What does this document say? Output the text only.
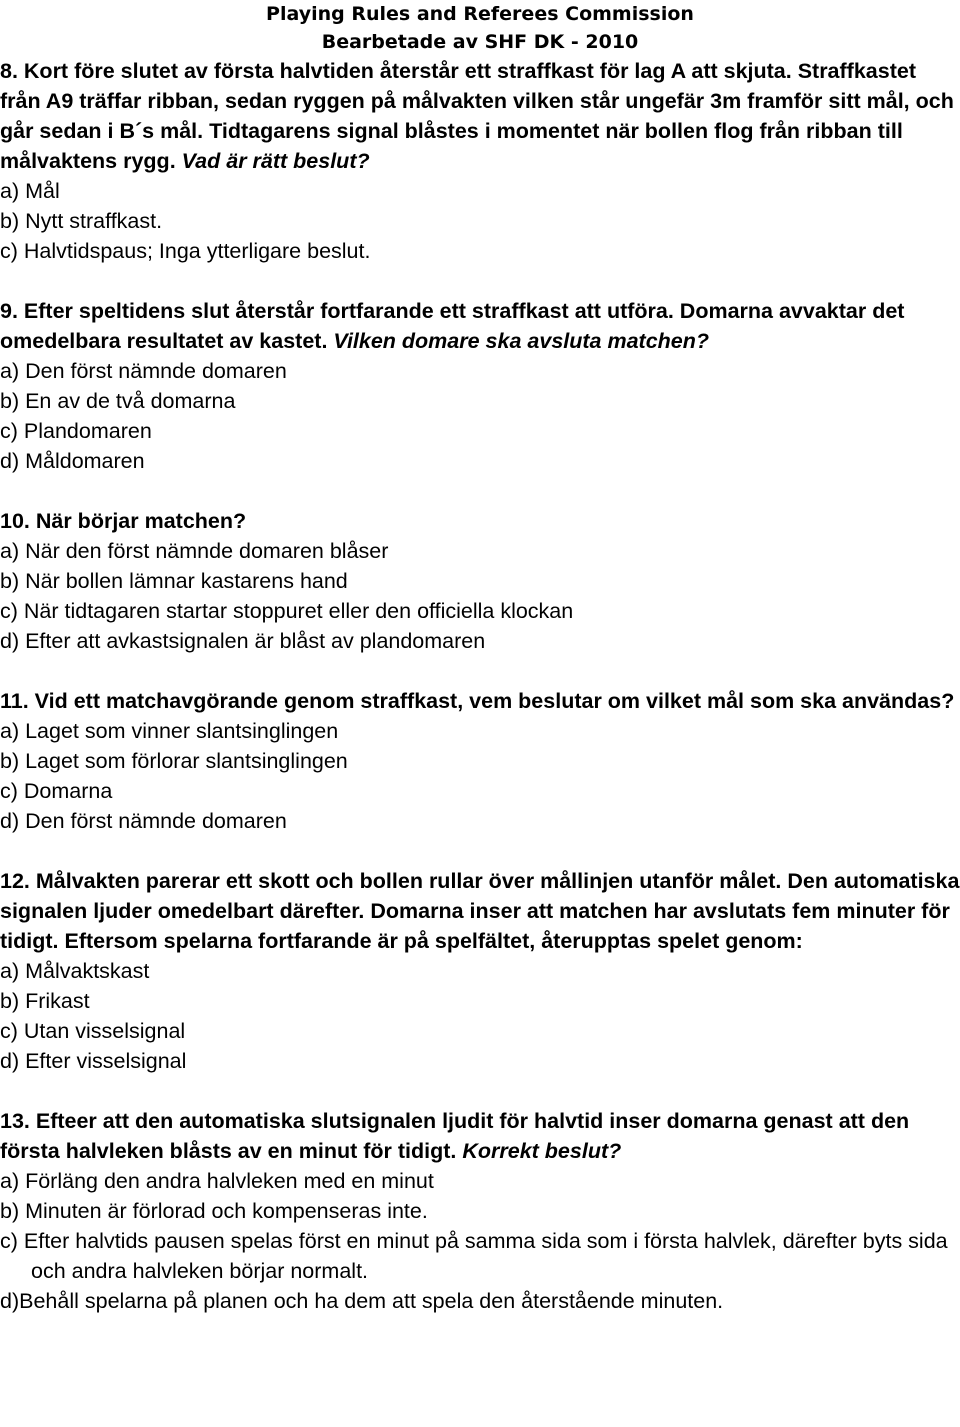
Playing Rules and Referees Commission
Bearbetade av SHF DK - 2010
8. Kort före slutet av första halvtiden återstår ett straffkast för lag A att skjuta. Straffkastet från A9 träffar ribban, sedan ryggen på målvakten vilken står ungefär 3m framför sitt mål, och går sedan i B´s mål. Tidtagarens signal blåstes i momentet när bollen flog från ribban till målvaktens rygg. Vad är rätt beslut?
a) Mål
b) Nytt straffkast.
c) Halvtidspaus; Inga ytterligare beslut.
9. Efter speltidens slut återstår fortfarande ett straffkast att utföra. Domarna avvaktar det omedelbara resultatet av kastet. Vilken domare ska avsluta matchen?
a) Den först nämnde domaren
b) En av de två domarna
c) Plandomaren
d) Måldomaren
10. När börjar matchen?
a) När den först nämnde domaren blåser
b) När bollen lämnar kastarens hand
c) När tidtagaren startar stoppuret eller den officiella klockan
d) Efter att avkastsignalen är blåst av plandomaren
11. Vid ett matchavgörande genom straffkast, vem beslutar om vilket mål som ska användas?
a) Laget som vinner slantsinglingen
b) Laget som förlorar slantsinglingen
c) Domarna
d) Den först nämnde domaren
12. Målvakten parerar ett skott och bollen rullar över mållinjen utanför målet. Den automatiska signalen ljuder omedelbart därefter. Domarna inser att matchen har avslutats fem minuter för tidigt. Eftersom spelarna fortfarande är på spelfältet, återupptas spelet genom:
a) Målvaktskast
b) Frikast
c) Utan visselsignal
d) Efter visselsignal
13. Efteer att den automatiska slutsignalen ljudit för halvtid inser domarna genast att den första halvleken blåsts av en minut för tidigt. Korrekt beslut?
a) Förläng den andra halvleken med en minut
b) Minuten är förlorad och kompenseras inte.
c) Efter halvtids pausen spelas först en minut på samma sida som i första halvlek, därefter byts sida och andra halvleken börjar normalt.
d)Behåll spelarna på planen och ha dem att spela den återstående minuten.
